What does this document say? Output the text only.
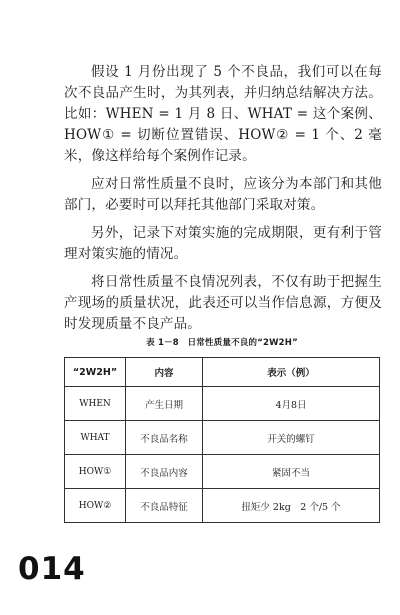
假设 1 月份出现了 5 个不良品，我们可以在每次不良品产生时，为其列表，并归纳总结解决方法。 比如：WHEN = 1 月 8 日、WHAT = 这个案例、HOW① = 切断位置错误、HOW② = 1 个、2 毫米，像这样给每个案例作记录。

应对日常性质量不良时，应该分为本部门和其他部门，必要时可以拜托其他部门采取对策。

另外，记录下对策实施的完成期限，更有利于管理对策实施的情况。

将日常性质量不良情况列表，不仅有助于把握生产现场的质量状况，此表还可以当作信息源，方便及时发现质量不良产品。

表 1－8　日常性质量不良的“2W2H”
“2W2H”	内容	表示（例）
WHEN	产生日期	4月8日
WHAT	不良品名称	开关的螺钉
HOW①	不良品内容	紧固不当
HOW②	不良品特征	扭矩少 2kg　2 个/5 个
014
